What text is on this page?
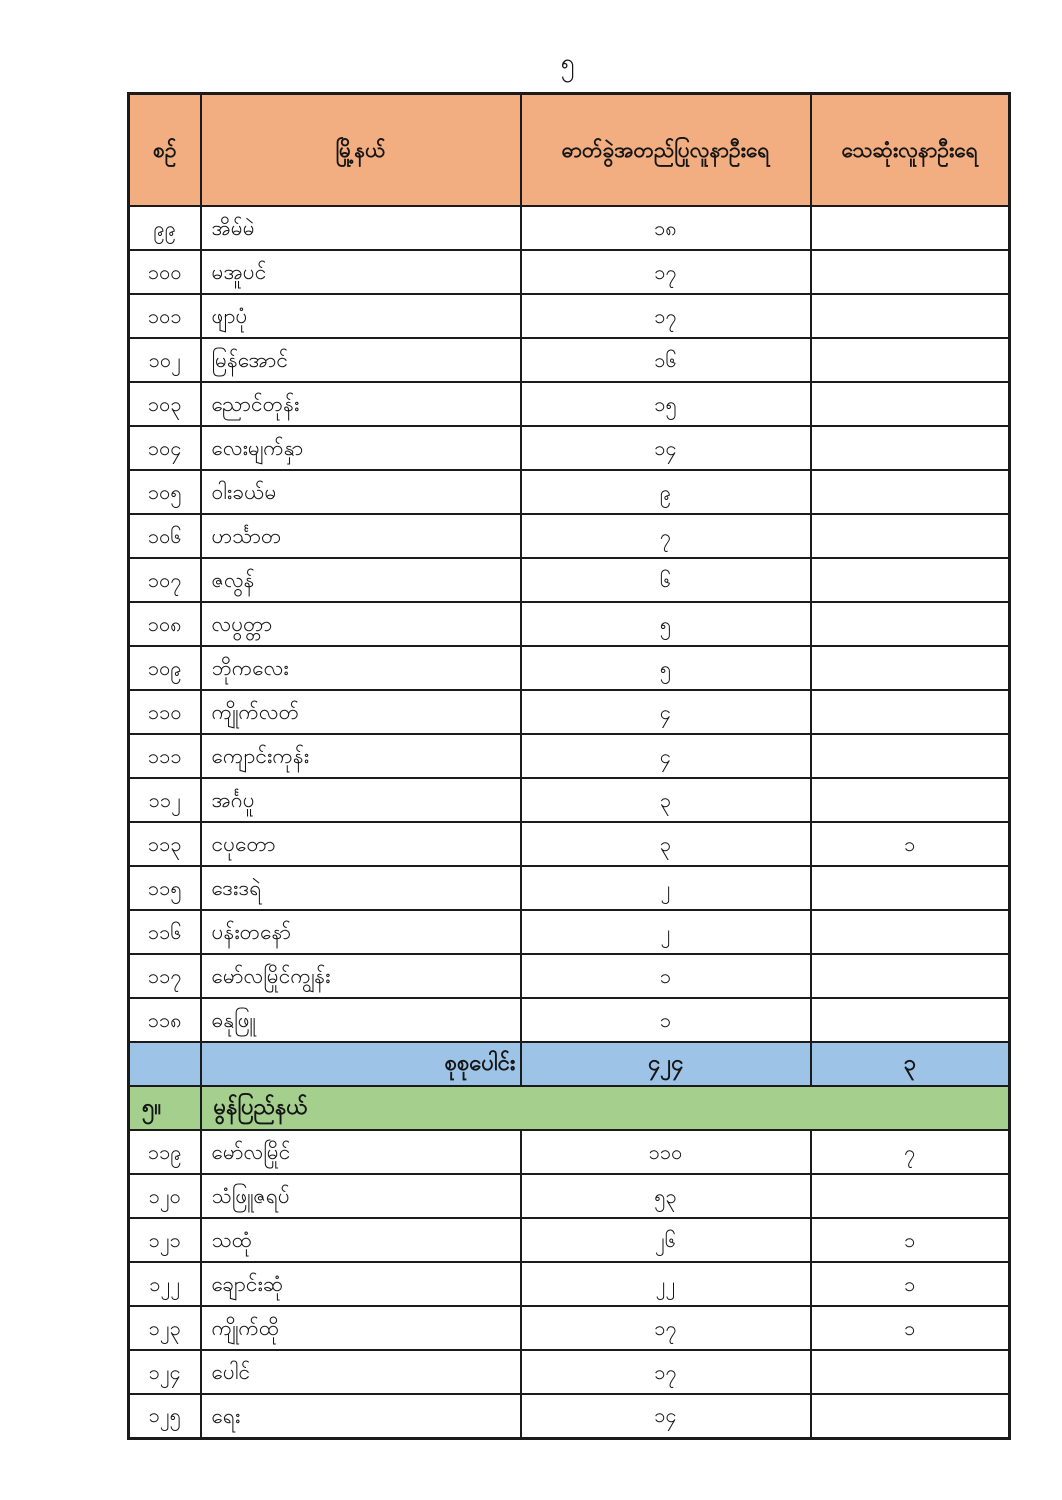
၅
စဉ်	မြို့နယ်	ဓာတ်ခွဲအတည်ပြုလူနာဦးရေ	သေဆုံးလူနာဦးရေ
၉၉	အိမ်မဲ	၁၈	
၁၀၀	မအူပင်	၁၇	
၁၀၁	ဖျာပုံ	၁၇	
၁၀၂	မြန်အောင်	၁၆	
၁၀၃	ညောင်တုန်း	၁၅	
၁၀၄	လေးမျက်နှာ	၁၄	
၁၀၅	ဝါးခယ်မ	၉	
၁၀၆	ဟင်္သာတ	၇	
၁၀၇	ဇလွန်	၆	
၁၀၈	လပွတ္တာ	၅	
၁၀၉	ဘိုကလေး	၅	
၁၁၀	ကျိုက်လတ်	၄	
၁၁၁	ကျောင်းကုန်း	၄	
၁၁၂	အင်္ဂပူ	၃	
၁၁၃	ငပုတော	၃	၁
၁၁၅	ဒေးဒရဲ	၂	
၁၁၆	ပန်းတနော်	၂	
၁၁၇	မော်လမြိုင်ကျွန်း	၁	
၁၁၈	ဓနုဖြူ	၁	
	စုစုပေါင်း	၄၂၄	၃
၅။	မွန်ပြည်နယ်		
၁၁၉	မော်လမြိုင်	၁၁၀	၇
၁၂၀	သံဖြူဇရပ်	၅၃	
၁၂၁	သထုံ	၂၆	၁
၁၂၂	ချောင်းဆုံ	၂၂	၁
၁၂၃	ကျိုက်ထို	၁၇	၁
၁၂၄	ပေါင်	၁၇	
၁၂၅	ရေး	၁၄	
